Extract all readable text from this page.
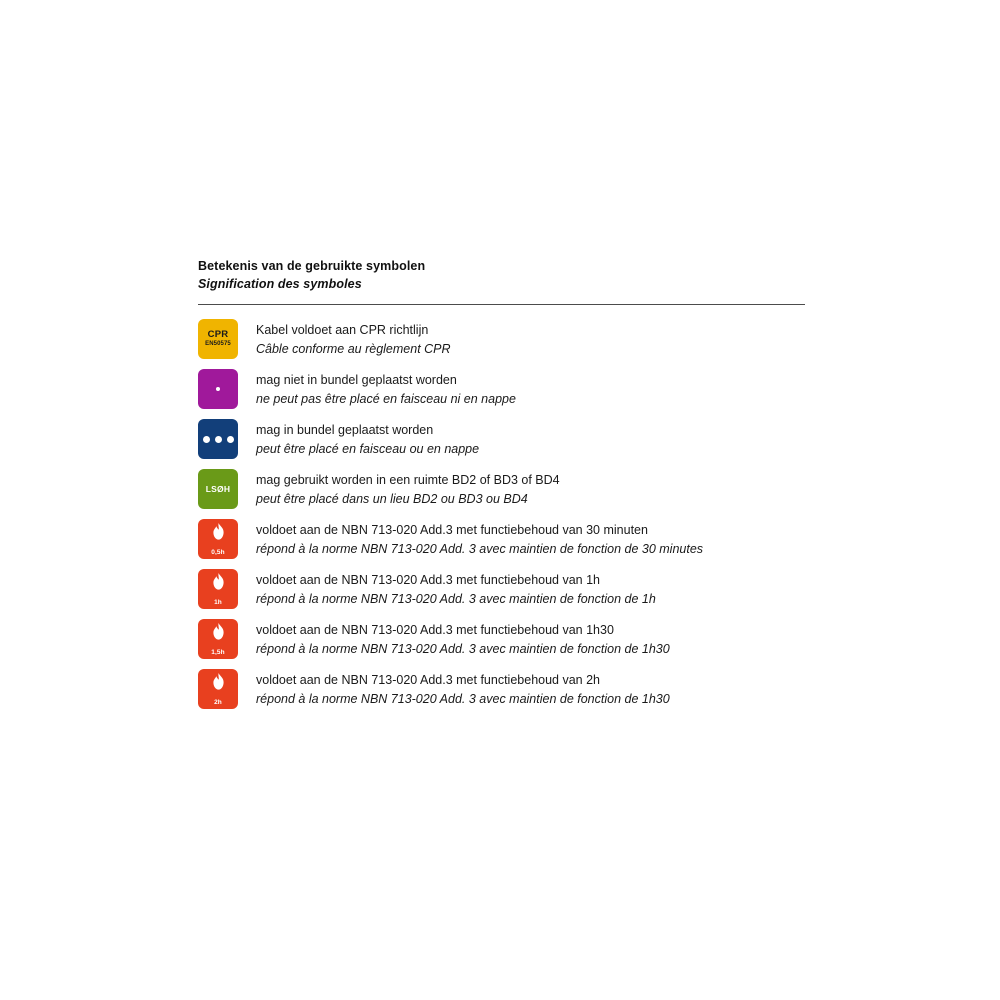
Betekenis van de gebruikte symbolen
Signification des symboles
CPR
EN50575
Kabel voldoet aan CPR richtlijn
Câble conforme au règlement CPR
mag niet in bundel geplaatst worden
ne peut pas être placé en faisceau ni en nappe
mag in bundel geplaatst worden
peut être placé en faisceau ou en nappe
LSØH
mag gebruikt worden in een ruimte BD2 of BD3 of BD4
peut être placé dans un lieu BD2 ou BD3 ou BD4
0,5h
voldoet aan de NBN 713-020 Add.3 met functiebehoud van 30 minuten
répond à la norme NBN 713-020 Add. 3 avec maintien de fonction de 30 minutes
1h
voldoet aan de NBN 713-020 Add.3 met functiebehoud van 1h
répond à la norme NBN 713-020 Add. 3 avec maintien de fonction de 1h
1,5h
voldoet aan de NBN 713-020 Add.3 met functiebehoud van 1h30
répond à la norme NBN 713-020 Add. 3 avec maintien de fonction de 1h30
2h
voldoet aan de NBN 713-020 Add.3 met functiebehoud van 2h
répond à la norme NBN 713-020 Add. 3 avec maintien de fonction de 1h30
